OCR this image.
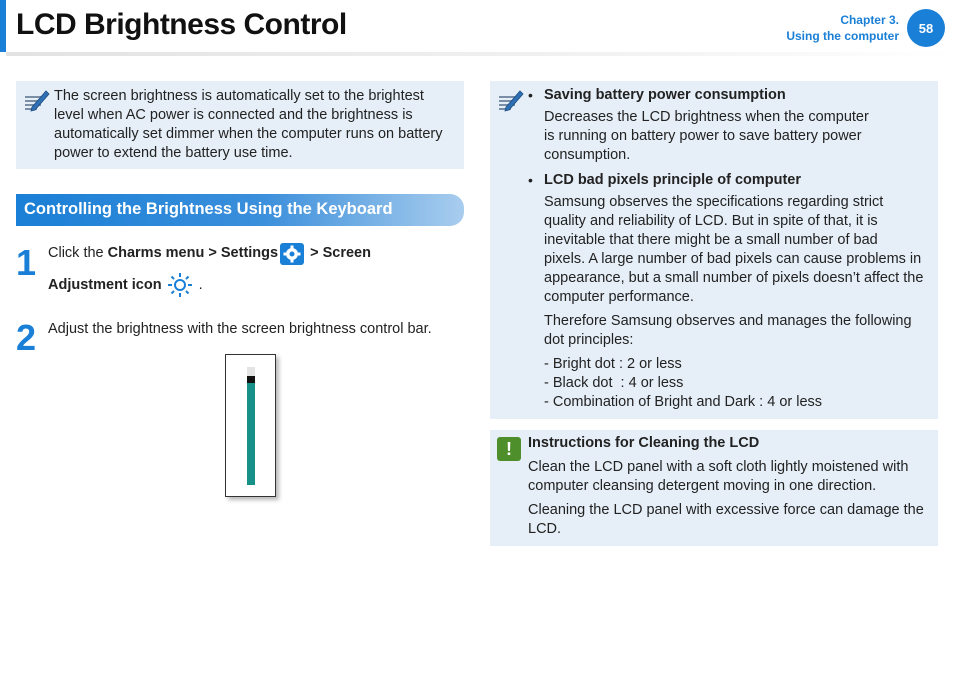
LCD Brightness Control	Chapter 3.
Using the computer
58
The screen brightness is automatically set to the brightest
level when AC power is connected and the brightness is
automatically set dimmer when the computer runs on battery
power to extend the battery use time.
Controlling the Brightness Using the Keyboard
1 Click the Charms menu > Settings > Screen
Adjustment icon .
2 Adjust the brightness with the screen brightness control bar.
• Saving battery power consumption
Decreases the LCD brightness when the computer
is running on battery power to save battery power
consumption.
• LCD bad pixels principle of computer
Samsung observes the specifications regarding strict
quality and reliability of LCD. But in spite of that, it is
inevitable that there might be a small number of bad
pixels. A large number of bad pixels can cause problems in
appearance, but a small number of pixels doesn’t affect the
computer performance.
Therefore Samsung observes and manages the following
dot principles:
- Bright dot : 2 or less
- Black dot  : 4 or less
- Combination of Bright and Dark : 4 or less
!	Instructions for Cleaning the LCD
Clean the LCD panel with a soft cloth lightly moistened with
computer cleansing detergent moving in one direction.
Cleaning the LCD panel with excessive force can damage the
LCD.
